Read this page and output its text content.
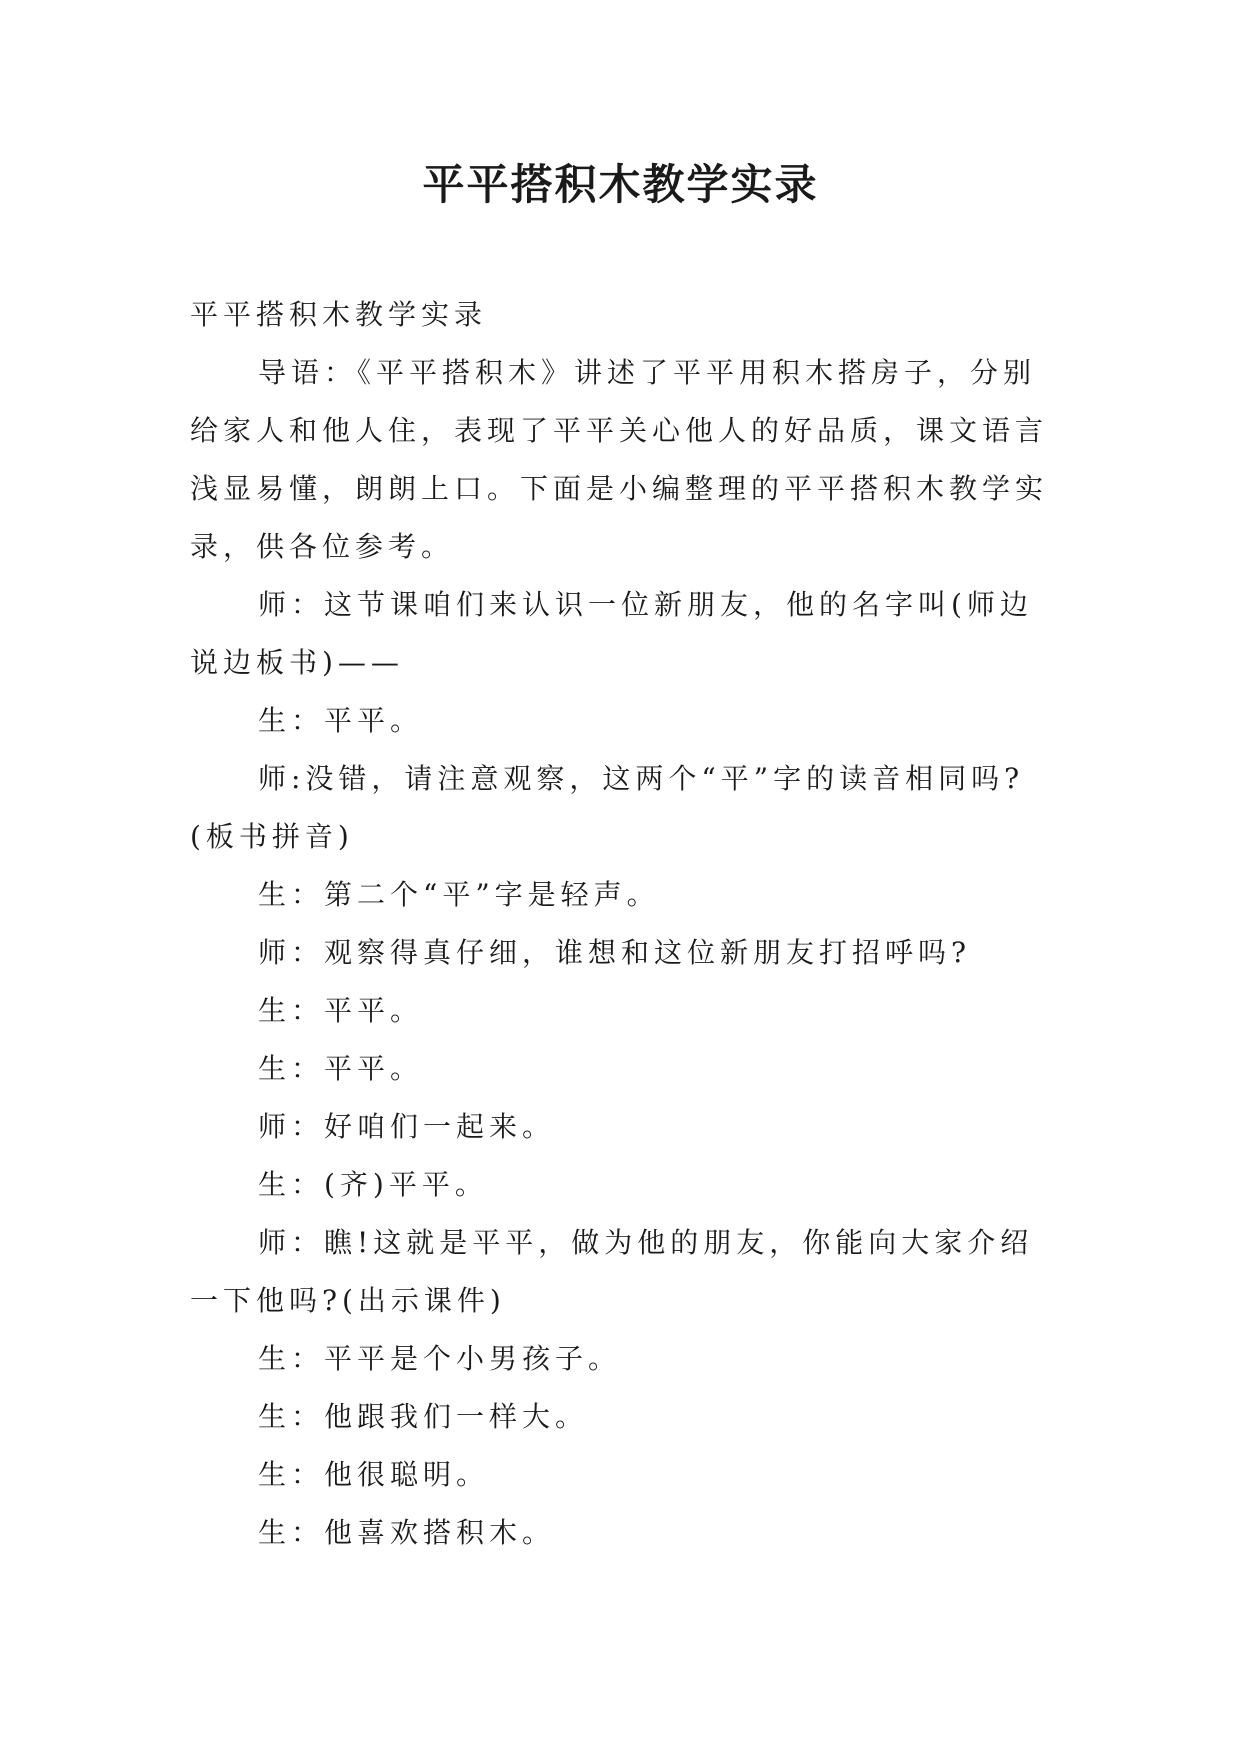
平平搭积木教学实录

平平搭积木教学实录

导语：《平平搭积木》讲述了平平用积木搭房子，分别给家人和他人住，表现了平平关心他人的好品质，课文语言浅显易懂，朗朗上口。下面是小编整理的平平搭积木教学实录，供各位参考。

师：这节课咱们来认识一位新朋友，他的名字叫(师边说边板书)——

生：平平。

师:没错，请注意观察，这两个“平”字的读音相同吗?(板书拼音)

生：第二个“平”字是轻声。

师：观察得真仔细，谁想和这位新朋友打招呼吗?

生：平平。

生：平平。

师：好咱们一起来。

生：(齐)平平。

师：瞧!这就是平平，做为他的朋友，你能向大家介绍一下他吗?(出示课件)

生：平平是个小男孩子。

生：他跟我们一样大。

生：他很聪明。

生：他喜欢搭积木。
